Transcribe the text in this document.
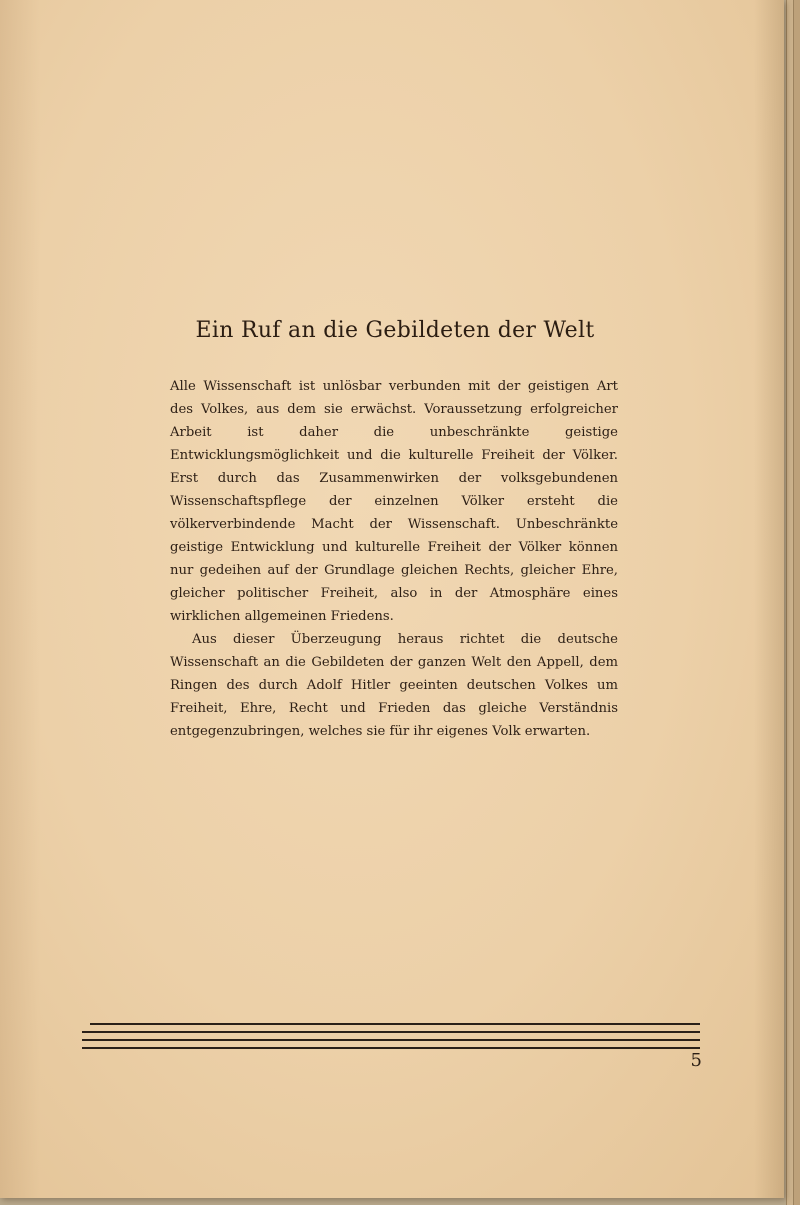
Ein Ruf an die Gebildeten der Welt

Alle Wissenschaft ist unlösbar verbunden mit der geistigen Art des Volkes, aus dem sie erwächst. Voraussetzung erfolgreicher Arbeit ist daher die unbeschränkte geistige Entwicklungsmöglichkeit und die kulturelle Freiheit der Völker. Erst durch das Zusammenwirken der volksgebundenen Wissenschaftspflege der einzelnen Völker ersteht die völkerverbindende Macht der Wissenschaft. Unbeschränkte geistige Entwicklung und kulturelle Freiheit der Völker können nur gedeihen auf der Grundlage gleichen Rechts, gleicher Ehre, gleicher politischer Freiheit, also in der Atmosphäre eines wirklichen allgemeinen Friedens.

Aus dieser Überzeugung heraus richtet die deutsche Wissenschaft an die Gebildeten der ganzen Welt den Appell, dem Ringen des durch Adolf Hitler geeinten deutschen Volkes um Freiheit, Ehre, Recht und Frieden das gleiche Verständnis entgegenzubringen, welches sie für ihr eigenes Volk erwarten.

5
